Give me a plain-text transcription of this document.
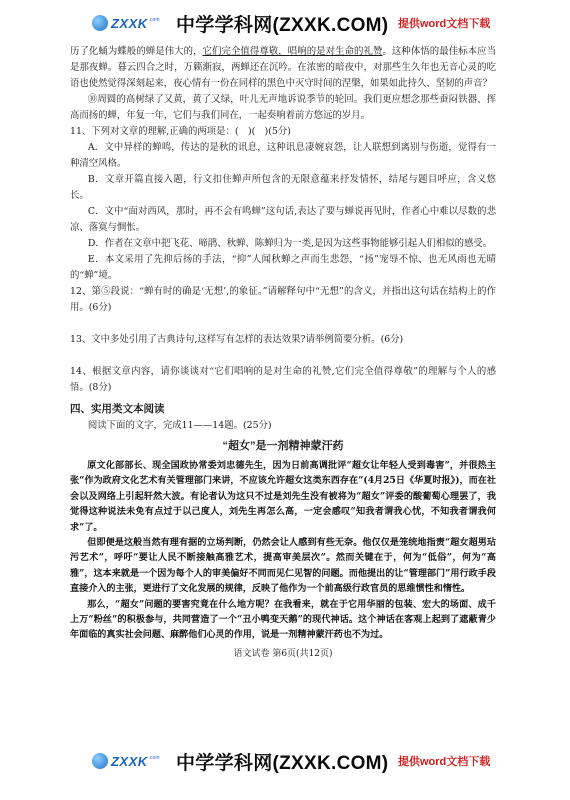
ZXXK .com 中学学科网(ZXXK.COM) 提供word文档下载

历了化蛹为蝶般的蝉是伟大的，它们完全值得尊敬，唱响的是对生命的礼赞。这种体悟的最佳标本应当是那夜蝉。暮云四合之时，万籁渐寂，两蝉还在沉吟。在浓密的暗夜中，对那些生久年也无音心灵的吃语也使然觉得深刻起来，夜心情有一份在同样的黑色中灭守时间的涅槃，如果如此持久、坚韧的声音？

⑩周圆的高树绿了又黄，黄了又绿，叶儿无声地诉说季节的轮回。我们更应想念那些蚕闷铁器、挥高而扬的蝉，年复一年，它们与我们同在，一起奏响着前方悠远的岁月。

11、下列对文章的理解,正确的两项是：(　)(　)(5分)

A．文中异样的蝉鸣，传达的是秋的讯息，这种讯息凄婉哀怨，让人联想到离别与伤逝，觉得有一种清空风格。

B．文章开篇直接入题，行文扣住蝉声所包含的无限意蕴来抒发情怀，结尾与题目呼应，含义悠长。

C．文中“面对西风，那时，再不会有鸣蝉”这句话,表达了要与蝉说再见时，作者心中难以尽数的悲凉、落寞与惆怅。

D．作者在文章中把飞花、啼鹃、秋蝉、陈蝉归为一类,是因为这些事物能够引起人们相似的感受。

E．本文采用了先抑后扬的手法，“抑”人闻秋蝉之声而生悲怨，“扬”宠辱不惊、也无风雨也无晴的“蝉”境。

12、第⑤段说：“蝉有时的确是‘无想’,的象征。”请解释句中“无想”的含义，并指出这句话在结构上的作用。(6分)

13、文中多处引用了古典诗句,这样写有怎样的表达效果?请举例简要分析。(6分)

14、根据文章内容，请你谈谈对“它们唱响的是对生命的礼赞,它们完全值得尊敬”的理解与个人的感悟。(8分)

四、实用类文本阅读

阅读下面的文字，完成11——14题。(25分)

“超女”是一剂精神蒙汗药

原文化部部长、现全国政协常委刘忠德先生，因为日前高调批评“超女让年轻人受到毒害”，并很热主张“作为政府文化艺术有关管理部门来讲，不应该允许超女这类东西存在”(4月25日《华夏时报》)，而在社会以及网络上引起轩然大波。有论者认为这只不过是刘先生没有被将为“超女”评委的酸葡萄心理罢了，我觉得这种说法未免有点过于以己度人，刘先生再怎么高，一定会感叹“知我者谓我心忧，不知我者谓我何求”了。

但即便是这般当然有理有据的立场判断，仍然会让人感到有些无奈。他仅仅是笼统地指责“超女超男玷污艺术”，呼吁“要让人民不断接触高雅艺术，提高审美层次”。然而关键在于，何为“低俗”，何为“高雅”，这本来就是一个因为每个人的审美偏好不同而见仁见智的问题。而他提出的让“管理部门”用行政手段直接介入的主张，更进行了文化发展的规律，反映了他作为一个前高级行政官员的思维惯性和惰性。

那么，“超女”问题的要害究竟在什么地方呢？在我看来，就在于它用华丽的包装、宏大的场面、成千上万“粉丝”的积极参与，共同营造了一个“丑小鸭变天鹅”的现代神话。这个神话在客观上起到了遮蔽青少年面临的真实社会问题、麻醉他们心灵的作用，说是一剂精神蒙汗药也不为过。

语文试卷 第6页(共12页)

ZXXK .com 中学学科网(ZXXK.COM) 提供word文档下载
